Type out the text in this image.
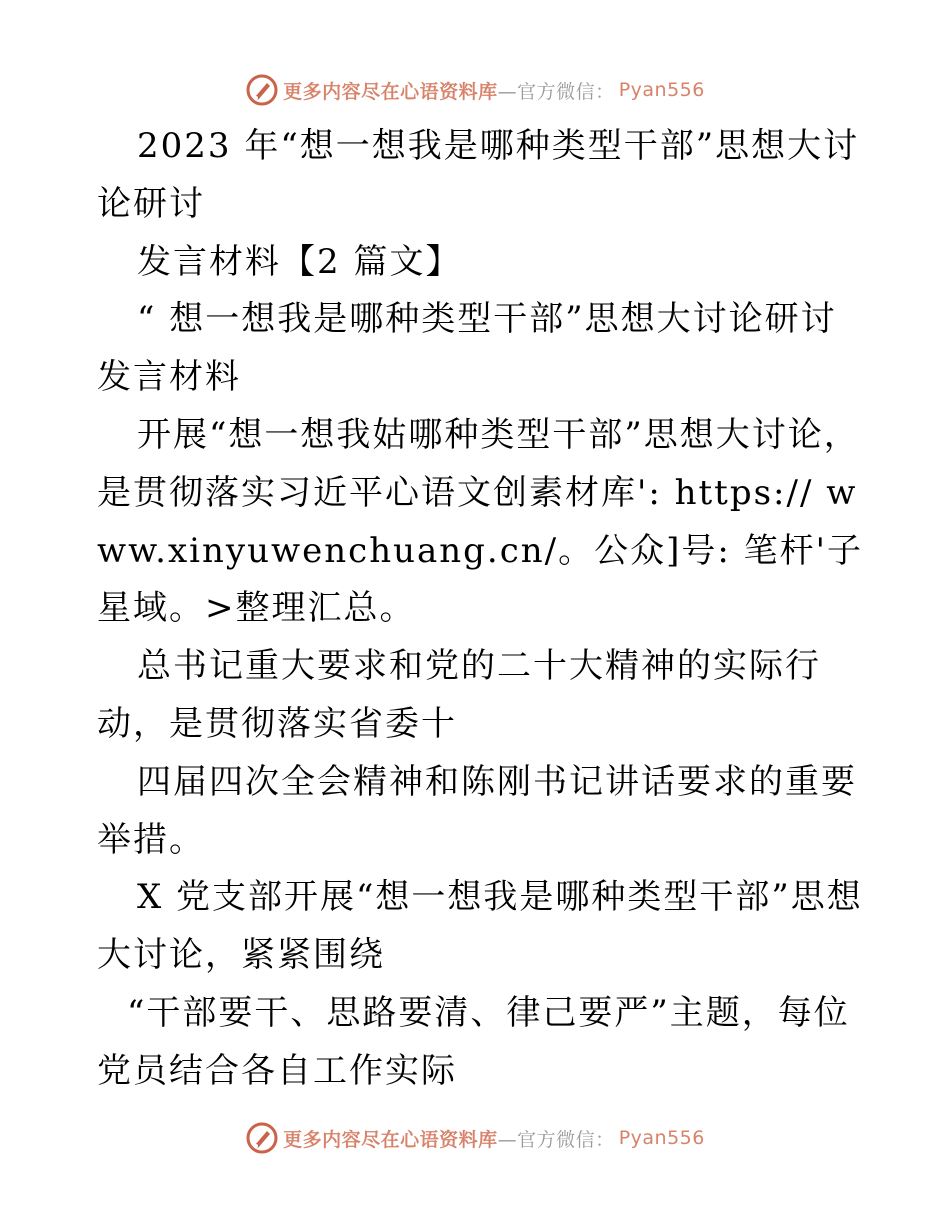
更多内容尽在心语资料库 —官方微信： Pyan556

2023 年“想一想我是哪种类型干部”思想大讨论研讨

发言材料【2 篇文】

“ 想一想我是哪种类型干部”思想大讨论研讨发言材料

开展“想一想我姑哪种类型干部”思想大讨论，是贯彻落实习近平心语文创素材库': https:// www.xinyuwenchuang.cn/。公众]号: 笔杆'子星域。>整理汇总。

总书记重大要求和党的二十大精神的实际行动，是贯彻落实省委十

四届四次全会精神和陈刚书记讲话要求的重要举措。

X 党支部开展“想一想我是哪种类型干部”思想大讨论，紧紧围绕

“干部要干、思路要清、律己要严”主题，每位党员结合各自工作实际

更多内容尽在心语资料库 —官方微信： Pyan556
